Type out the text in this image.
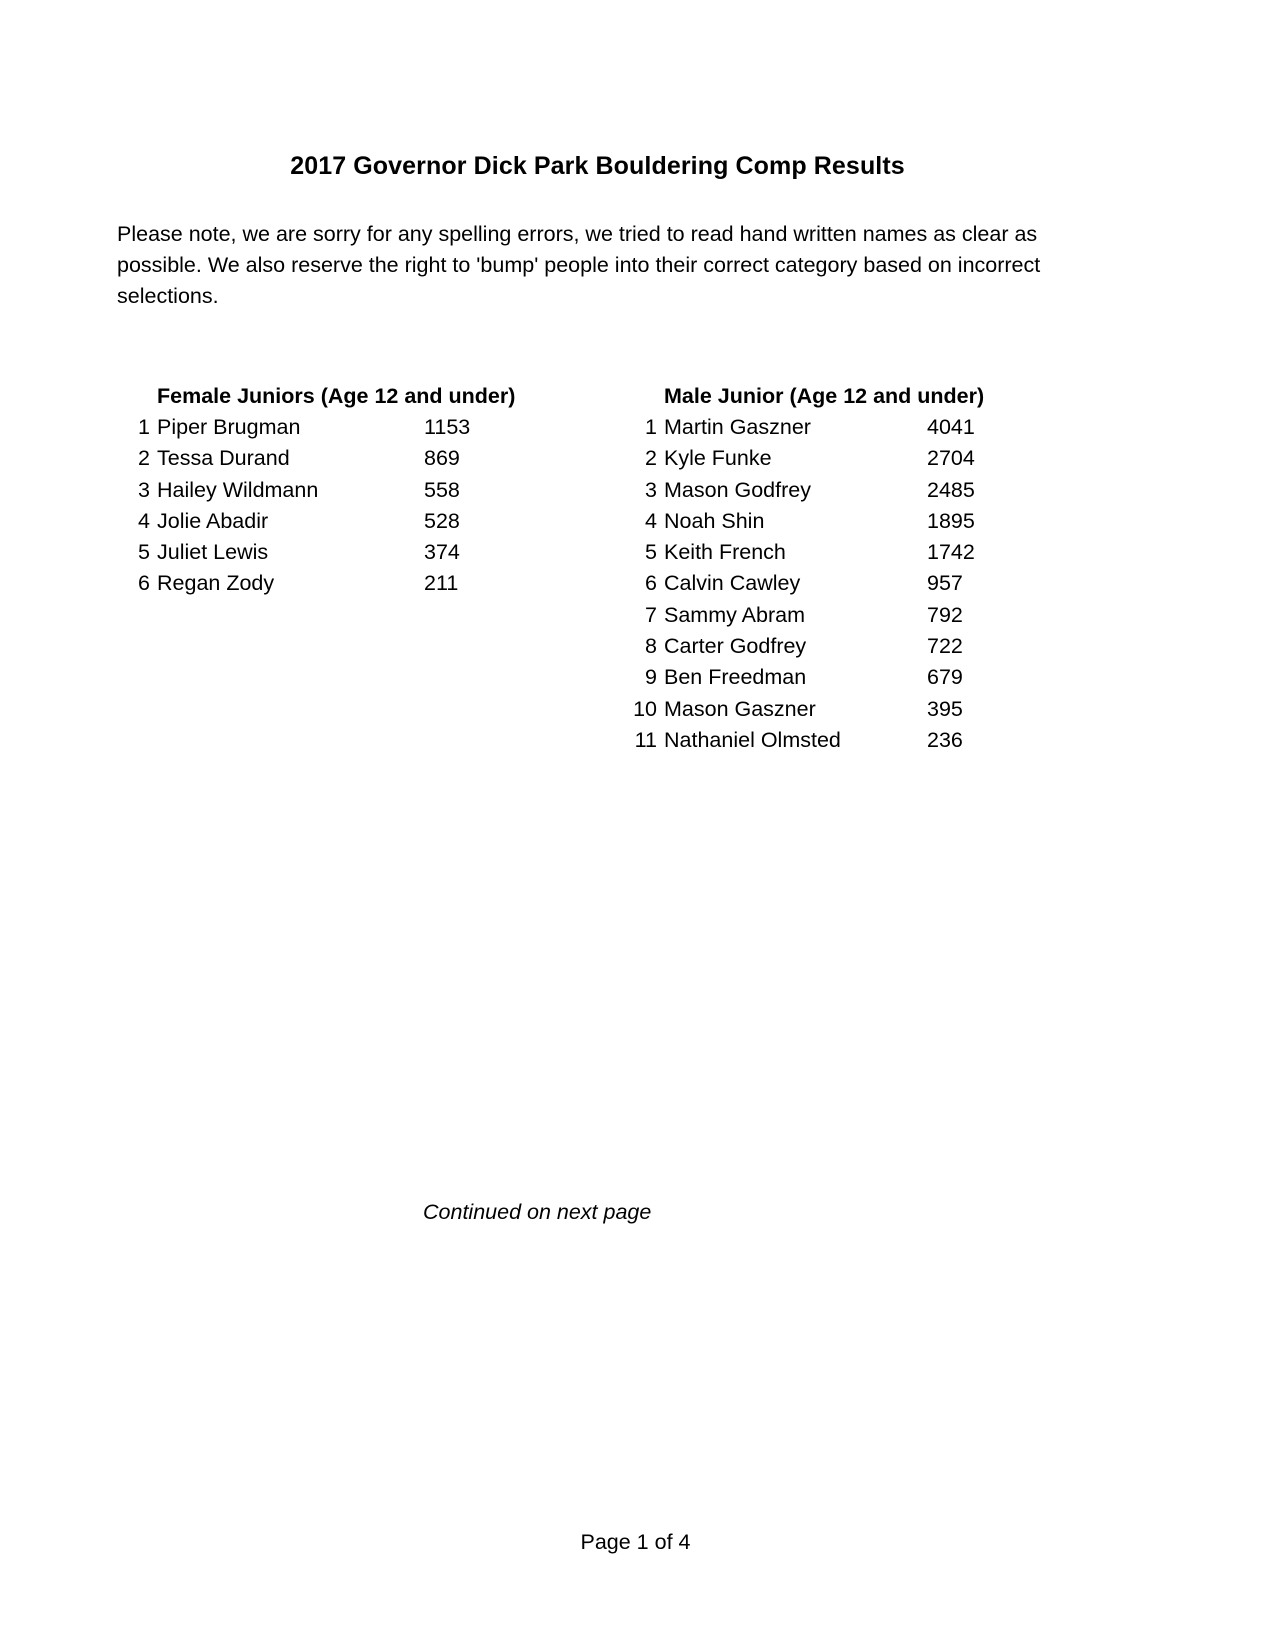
2017 Governor Dick Park Bouldering Comp Results

Please note, we are sorry for any spelling errors, we tried to read hand written names as clear as possible. We also reserve the right to 'bump' people into their correct category based on incorrect selections.

Female Juniors (Age 12 and under)
1	Piper Brugman	1153
2	Tessa Durand	869
3	Hailey Wildmann	558
4	Jolie Abadir	528
5	Juliet Lewis	374
6	Regan Zody	211
Male Junior (Age 12 and under)
1	Martin Gaszner	4041
2	Kyle Funke	2704
3	Mason Godfrey	2485
4	Noah Shin	1895
5	Keith French	1742
6	Calvin Cawley	957
7	Sammy Abram	792
8	Carter Godfrey	722
9	Ben Freedman	679
10	Mason Gaszner	395
11	Nathaniel Olmsted	236

Continued on next page

Page 1 of 4
